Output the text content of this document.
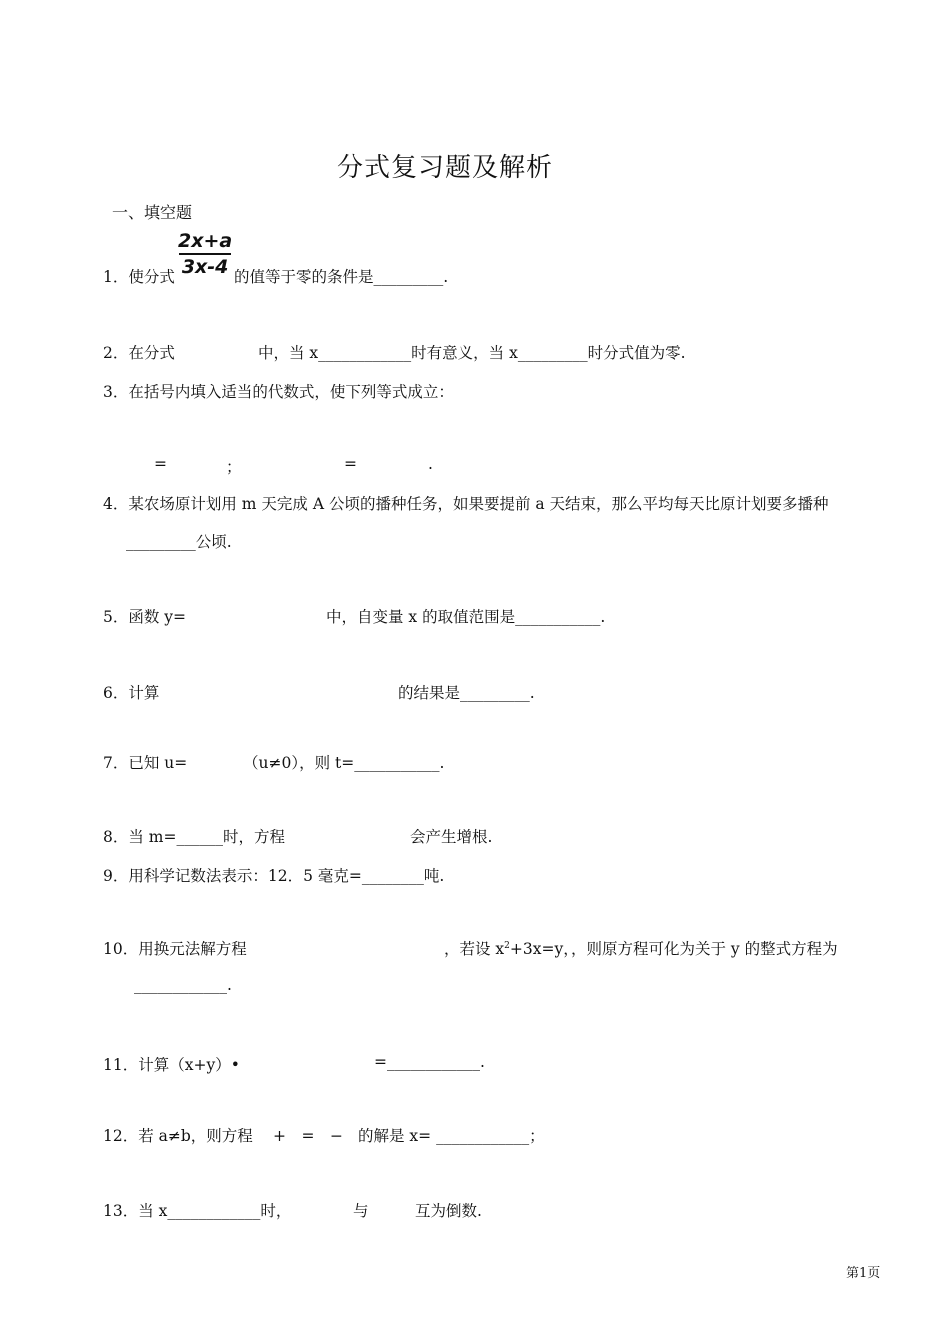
分式复习题及解析
一、填空题
1．使分式
2x+a
3x-4 的值等于零的条件是_________.
2．在分式	中，当 x____________时有意义，当 x_________时分式值为零.
3．在括号内填入适当的代数式，使下列等式成立：
=	；	=	.
4．某农场原计划用 m 天完成 A 公顷的播种任务，如果要提前 a 天结束，那么平均每天比原计划要多播种
_________公顷.
5．函数 y=	中，自变量 x 的取值范围是___________.
6．计算	的结果是_________.
7．已知 u=	（u≠0），则 t=___________.
8．当 m=______时，方程	会产生增根.
9．用科学记数法表示：12．5 毫克=________吨.
10．用换元法解方程	，若设 $x^2+3x=y$，，则原方程可化为关于 y 的整式方程为
____________.
11．计算（x+y）•	=____________.
12．若 a≠b，则方程 +　=　− 的解是 x= ____________；
13．当 x____________时，	与	互为倒数.
第1页
